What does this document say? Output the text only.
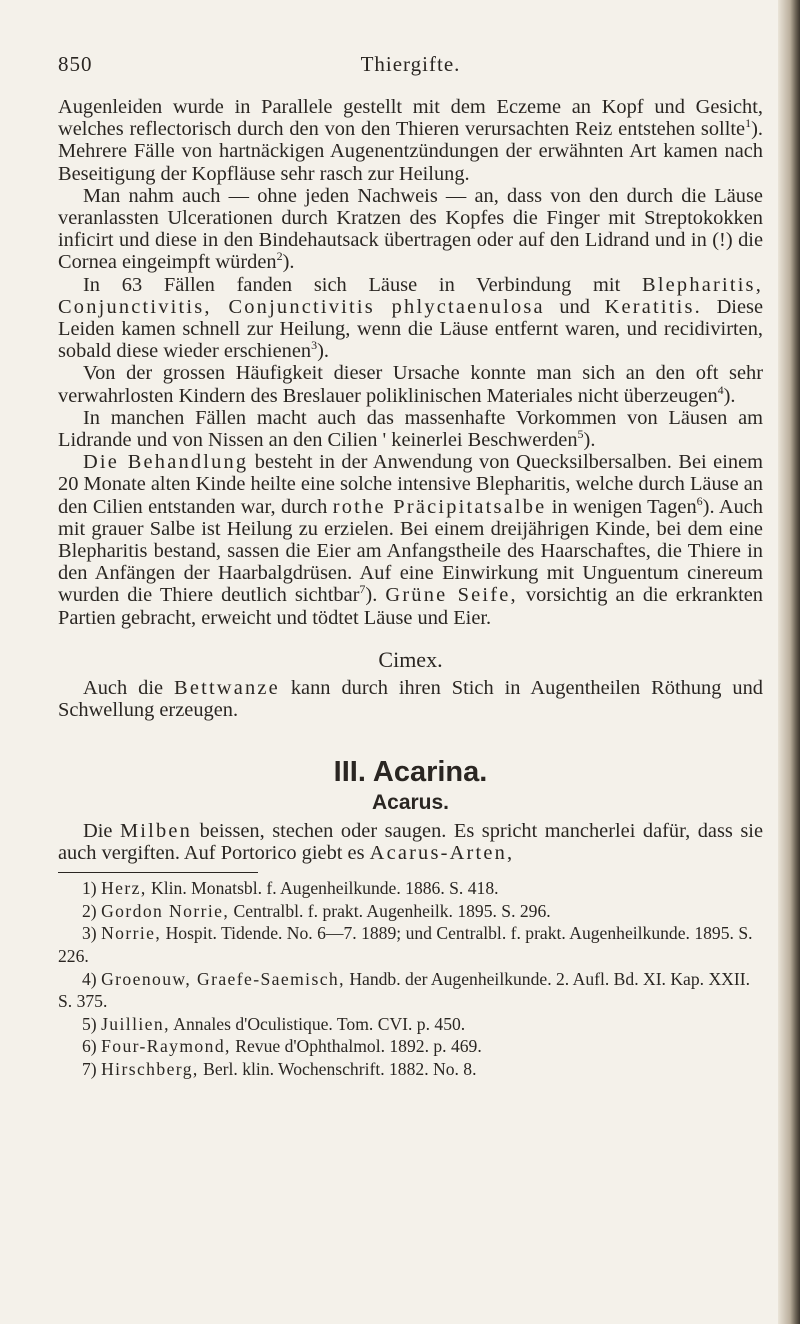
850	Thiergifte.

Augenleiden wurde in Parallele gestellt mit dem Eczeme an Kopf und Gesicht, welches reflectorisch durch den von den Thieren verursachten Reiz entstehen sollte$^1$). Mehrere Fälle von hartnäckigen Augenentzündungen der erwähnten Art kamen nach Beseitigung der Kopfläuse sehr rasch zur Heilung.

Man nahm auch — ohne jeden Nachweis — an, dass von den durch die Läuse veranlassten Ulcerationen durch Kratzen des Kopfes die Finger mit Streptokokken inficirt und diese in den Bindehautsack übertragen oder auf den Lidrand und in (!) die Cornea eingeimpft würden$^2$).

In 63 Fällen fanden sich Läuse in Verbindung mit Blepharitis, Conjunctivitis, Conjunctivitis phlyctaenulosa und Keratitis. Diese Leiden kamen schnell zur Heilung, wenn die Läuse entfernt waren, und recidivirten, sobald diese wieder erschienen$^3$).

Von der grossen Häufigkeit dieser Ursache konnte man sich an den oft sehr verwahrlosten Kindern des Breslauer poliklinischen Materiales nicht überzeugen$^4$).

In manchen Fällen macht auch das massenhafte Vorkommen von Läusen am Lidrande und von Nissen an den Cilien ' keinerlei Beschwerden$^5$).

Die Behandlung besteht in der Anwendung von Quecksilbersalben. Bei einem 20 Monate alten Kinde heilte eine solche intensive Blepharitis, welche durch Läuse an den Cilien entstanden war, durch rothe Präcipitatsalbe in wenigen Tagen$^6$). Auch mit grauer Salbe ist Heilung zu erzielen. Bei einem dreijährigen Kinde, bei dem eine Blepharitis bestand, sassen die Eier am Anfangstheile des Haarschaftes, die Thiere in den Anfängen der Haarbalgdrüsen. Auf eine Einwirkung mit Unguentum cinereum wurden die Thiere deutlich sichtbar$^7$). Grüne Seife, vorsichtig an die erkrankten Partien gebracht, erweicht und tödtet Läuse und Eier.

Cimex.

Auch die Bettwanze kann durch ihren Stich in Augentheilen Röthung und Schwellung erzeugen.

III. Acarina.
Acarus.

Die Milben beissen, stechen oder saugen. Es spricht mancherlei dafür, dass sie auch vergiften. Auf Portorico giebt es Acarus-Arten,

1) Herz, Klin. Monatsbl. f. Augenheilkunde. 1886. S. 418.

2) Gordon Norrie, Centralbl. f. prakt. Augenheilk. 1895. S. 296.

3) Norrie, Hospit. Tidende. No. 6—7. 1889; und Centralbl. f. prakt. Augenheilkunde. 1895. S. 226.

4) Groenouw, Graefe-Saemisch, Handb. der Augenheilkunde. 2. Aufl. Bd. XI. Kap. XXII. S. 375.

5) Juillien, Annales d'Oculistique. Tom. CVI. p. 450.

6) Four-Raymond, Revue d'Ophthalmol. 1892. p. 469.

7) Hirschberg, Berl. klin. Wochenschrift. 1882. No. 8.
